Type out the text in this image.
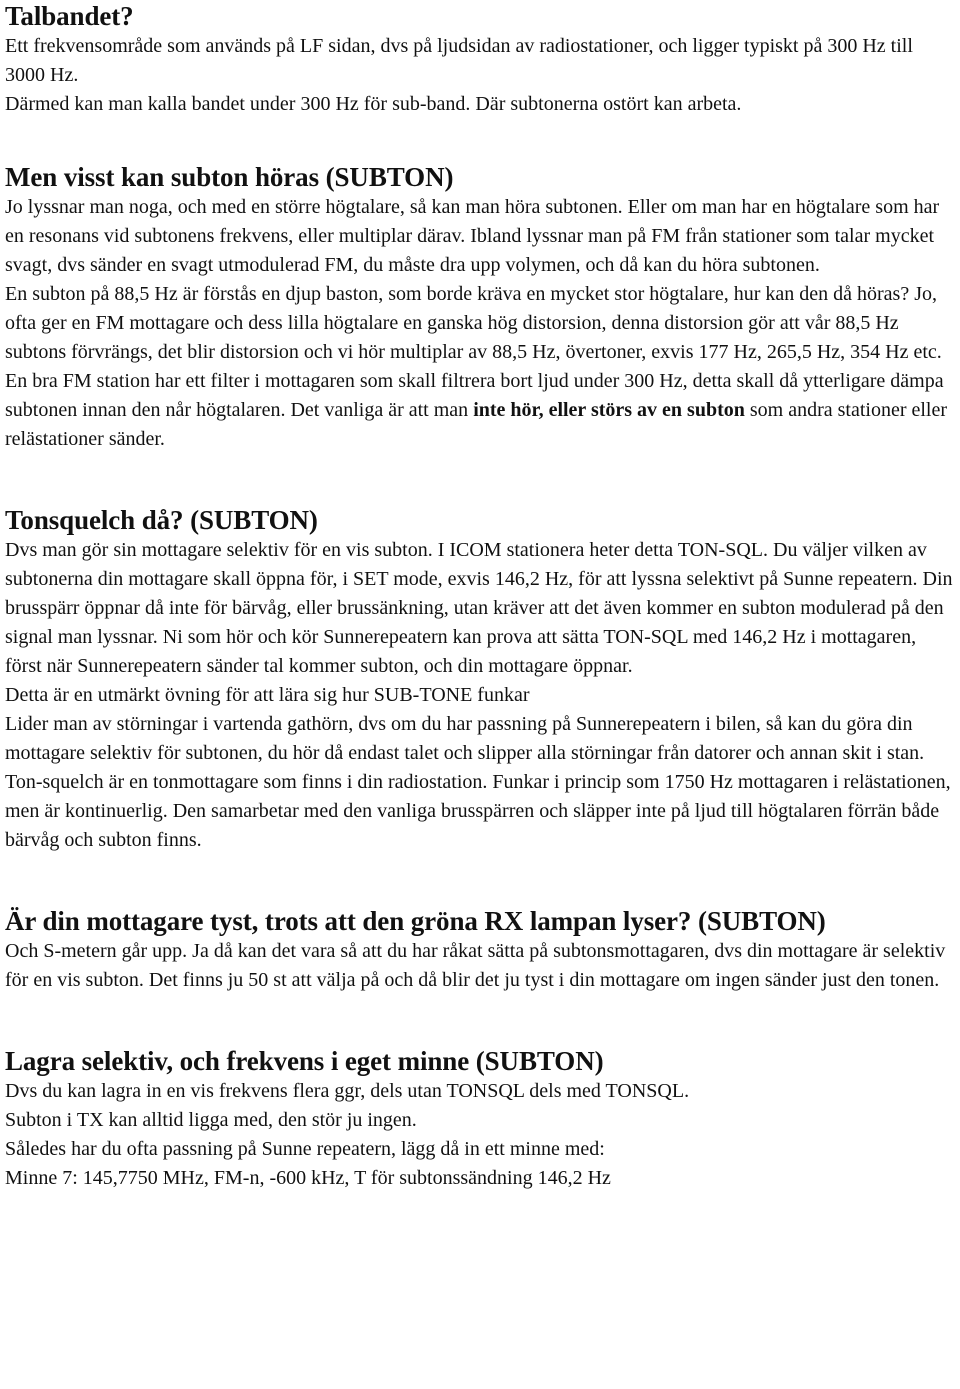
Talbandet?
Ett frekvensområde som används på LF sidan, dvs på ljudsidan av radiostationer, och ligger typiskt på 300 Hz till 3000 Hz.
Därmed kan man kalla bandet under 300 Hz för sub-band. Där subtonerna ostört kan arbeta.
Men visst kan subton höras (SUBTON)
Jo lyssnar man noga, och med en större högtalare, så kan man höra subtonen. Eller om man har en högtalare som har en resonans vid subtonens frekvens, eller multiplar därav. Ibland lyssnar man på FM från stationer som talar mycket svagt, dvs sänder en svagt utmodulerad FM, du måste dra upp volymen, och då kan du höra subtonen.
En subton på 88,5 Hz är förstås en djup baston, som borde kräva en mycket stor högtalare, hur kan den då höras? Jo, ofta ger en FM mottagare och dess lilla högtalare en ganska hög distorsion, denna distorsion gör att vår 88,5 Hz subtons förvrängs, det blir distorsion och vi hör multiplar av 88,5 Hz, övertoner, exvis 177 Hz, 265,5 Hz, 354 Hz etc. En bra FM station har ett filter i mottagaren som skall filtrera bort ljud under 300 Hz, detta skall då ytterligare dämpa subtonen innan den når högtalaren. Det vanliga är att man inte hör, eller störs av en subton som andra stationer eller relästationer sänder.
Tonsquelch då? (SUBTON)
Dvs man gör sin mottagare selektiv för en vis subton. I ICOM stationera heter detta TON-SQL. Du väljer vilken av subtonerna din mottagare skall öppna för, i SET mode, exvis 146,2 Hz, för att lyssna selektivt på Sunne repeatern. Din brusspärr öppnar då inte för bärvåg, eller brussänkning, utan kräver att det även kommer en subton modulerad på den signal man lyssnar. Ni som hör och kör Sunnerepeatern kan prova att sätta TON-SQL med 146,2 Hz i mottagaren, först när Sunnerepeatern sänder tal kommer subton, och din mottagare öppnar.
Detta är en utmärkt övning för att lära sig hur SUB-TONE funkar
Lider man av störningar i vartenda gathörn, dvs om du har passning på Sunnerepeatern i bilen, så kan du göra din mottagare selektiv för subtonen, du hör då endast talet och slipper alla störningar från datorer och annan skit i stan.
Ton-squelch är en tonmottagare som finns i din radiostation. Funkar i princip som 1750 Hz mottagaren i relästationen, men är kontinuerlig. Den samarbetar med den vanliga brusspärren och släpper inte på ljud till högtalaren förrän både bärvåg och subton finns.
Är din mottagare tyst, trots att den gröna RX lampan lyser? (SUBTON)
Och S-metern går upp. Ja då kan det vara så att du har råkat sätta på subtonsmottagaren, dvs din mottagare är selektiv för en vis subton. Det finns ju 50 st att välja på och då blir det ju tyst i din mottagare om ingen sänder just den tonen.
Lagra selektiv, och frekvens i eget minne (SUBTON)
Dvs du kan lagra in en vis frekvens flera ggr, dels utan TONSQL dels med TONSQL.
Subton i TX kan alltid ligga med, den stör ju ingen.
Således har du ofta passning på Sunne repeatern, lägg då in ett minne med:
Minne 7: 145,7750 MHz, FM-n, -600 kHz, T för subtonssändning 146,2 Hz
